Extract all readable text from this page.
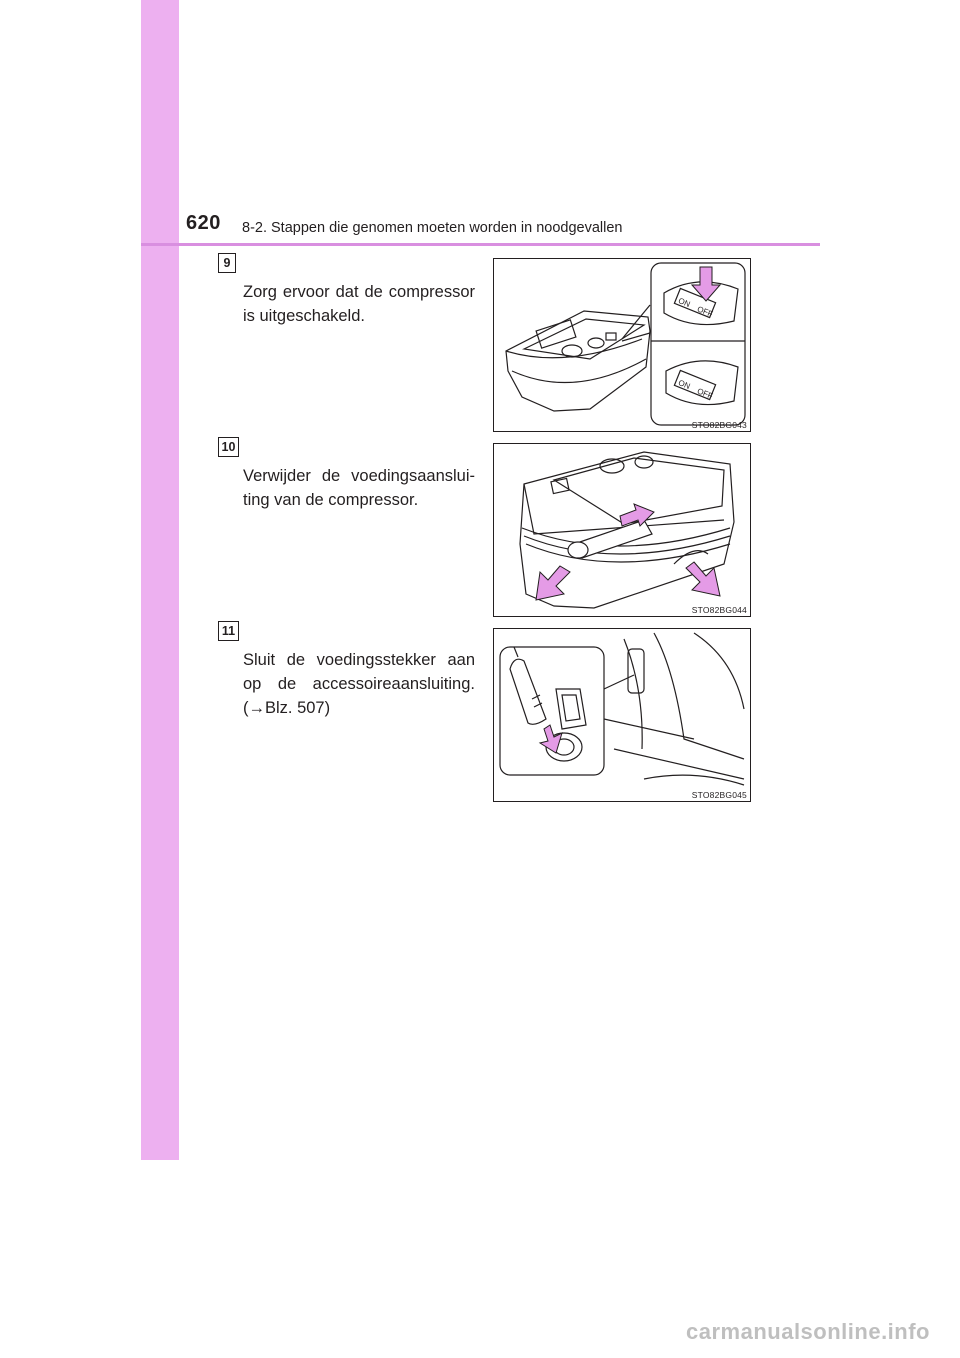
620 8-2. Stappen die genomen moeten worden in noodgevallen
9
Zorg ervoor dat de compressor
is uitgeschakeld.
ON
OFF
ON
OFF
STO82BG043
10
Verwijder de voedingsaanslui-
ting van de compressor.
STO82BG044
11
Sluit de voedingsstekker aan
op de accessoireaansluiting.
(→Blz. 507)
STO82BG045
carmanualsonline.info
